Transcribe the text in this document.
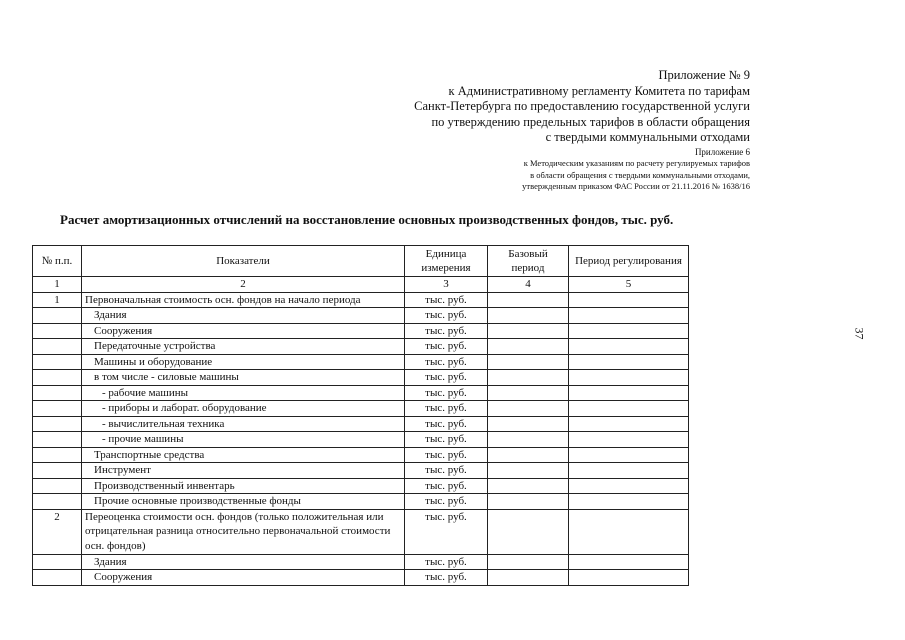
Приложение № 9
к Административному регламенту Комитета по тарифам
Санкт-Петербурга по предоставлению государственной услуги
по утверждению предельных тарифов в области обращения
с твердыми коммунальными отходами
Приложение 6
к Методическим указаниям по расчету регулируемых тарифов
в области обращения с твердыми коммунальными отходами,
утвержденным приказом ФАС России от 21.11.2016 № 1638/16
Расчет амортизационных отчислений на восстановление основных производственных фондов, тыс. руб.
37
№ п.п.	Показатели	Единица измерения	Базовый период	Период регулирования
1	2	3	4	5
1	Первоначальная стоимость осн. фондов на начало периода	тыс. руб.		
	Здания	тыс. руб.		
	Сооружения	тыс. руб.		
	Передаточные устройства	тыс. руб.		
	Машины и оборудование	тыс. руб.		
	в том числе - силовые машины	тыс. руб.		
	- рабочие машины	тыс. руб.		
	- приборы и лаборат. оборудование	тыс. руб.		
	- вычислительная техника	тыс. руб.		
	- прочие машины	тыс. руб.		
	Транспортные средства	тыс. руб.		
	Инструмент	тыс. руб.		
	Производственный инвентарь	тыс. руб.		
	Прочие основные производственные фонды	тыс. руб.		
2	Переоценка стоимости осн. фондов (только положительная или отрицательная разница относительно первоначальной стоимости осн. фондов)	тыс. руб.		
	Здания	тыс. руб.		
	Сооружения	тыс. руб.		
